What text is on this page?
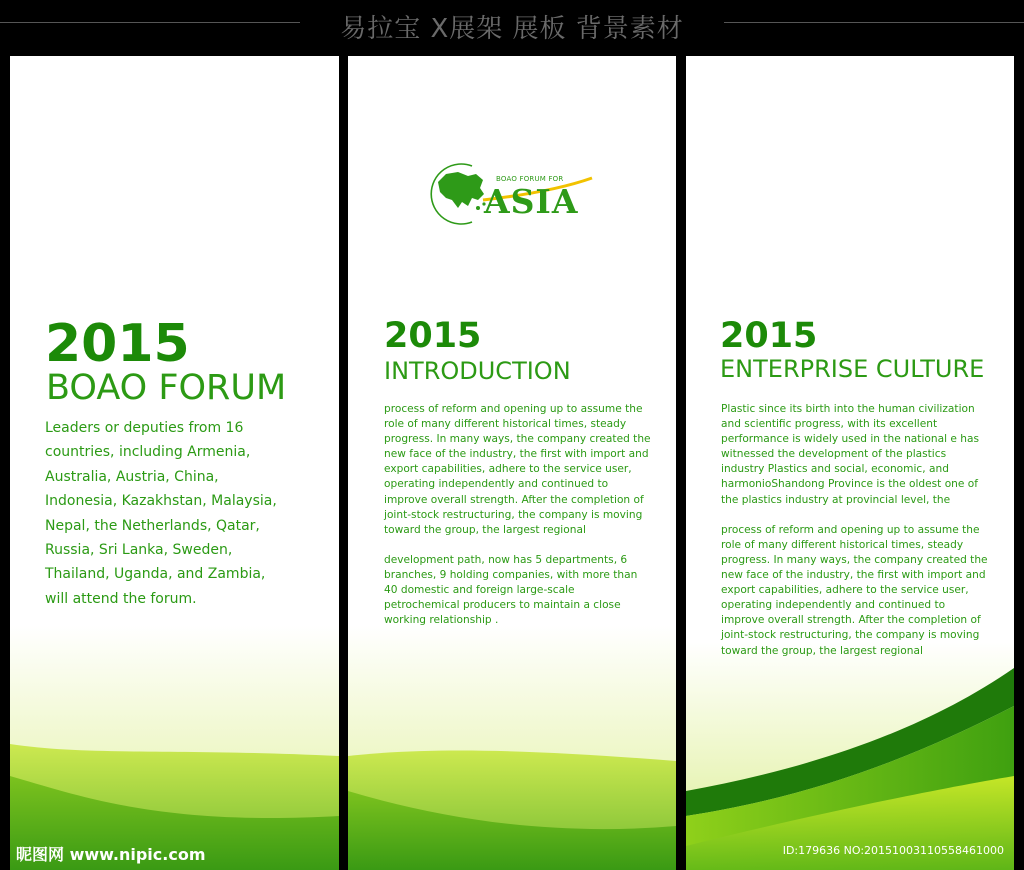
易拉宝 X展架 展板 背景素材
2015
BOAO FORUM
Leaders or deputies from 16
countries, including Armenia,
Australia, Austria, China,
Indonesia, Kazakhstan, Malaysia,
Nepal, the Netherlands, Qatar,
Russia, Sri Lanka, Sweden,
Thailand, Uganda, and Zambia,
will attend the forum.
BOAO FORUM FOR
ASIA
2015
INTRODUCTION
process of reform and opening up to assume the
role of many different historical times, steady
progress. In many ways, the company created the
new face of the industry, the first with import and
export capabilities, adhere to the service user,
operating independently and continued to
improve overall strength. After the completion of
joint-stock restructuring, the company is moving
toward the group, the largest regional

development path, now has 5 departments, 6
branches, 9 holding companies, with more than
40 domestic and foreign large-scale
petrochemical producers to maintain a close
working relationship .
2015
ENTERPRISE CULTURE
Plastic since its birth into the human civilization
and scientific progress, with its excellent
performance is widely used in the national e has
witnessed the development of the plastics
industry Plastics and social, economic, and
harmonioShandong Province is the oldest one of
the plastics industry at provincial level, the

process of reform and opening up to assume the
role of many different historical times, steady
progress. In many ways, the company created the
new face of the industry, the first with import and
export capabilities, adhere to the service user,
operating independently and continued to
improve overall strength. After the completion of
joint-stock restructuring, the company is moving
toward the group, the largest regional
昵图网 www.nipic.com	ID:179636 NO:20151003110558461000
